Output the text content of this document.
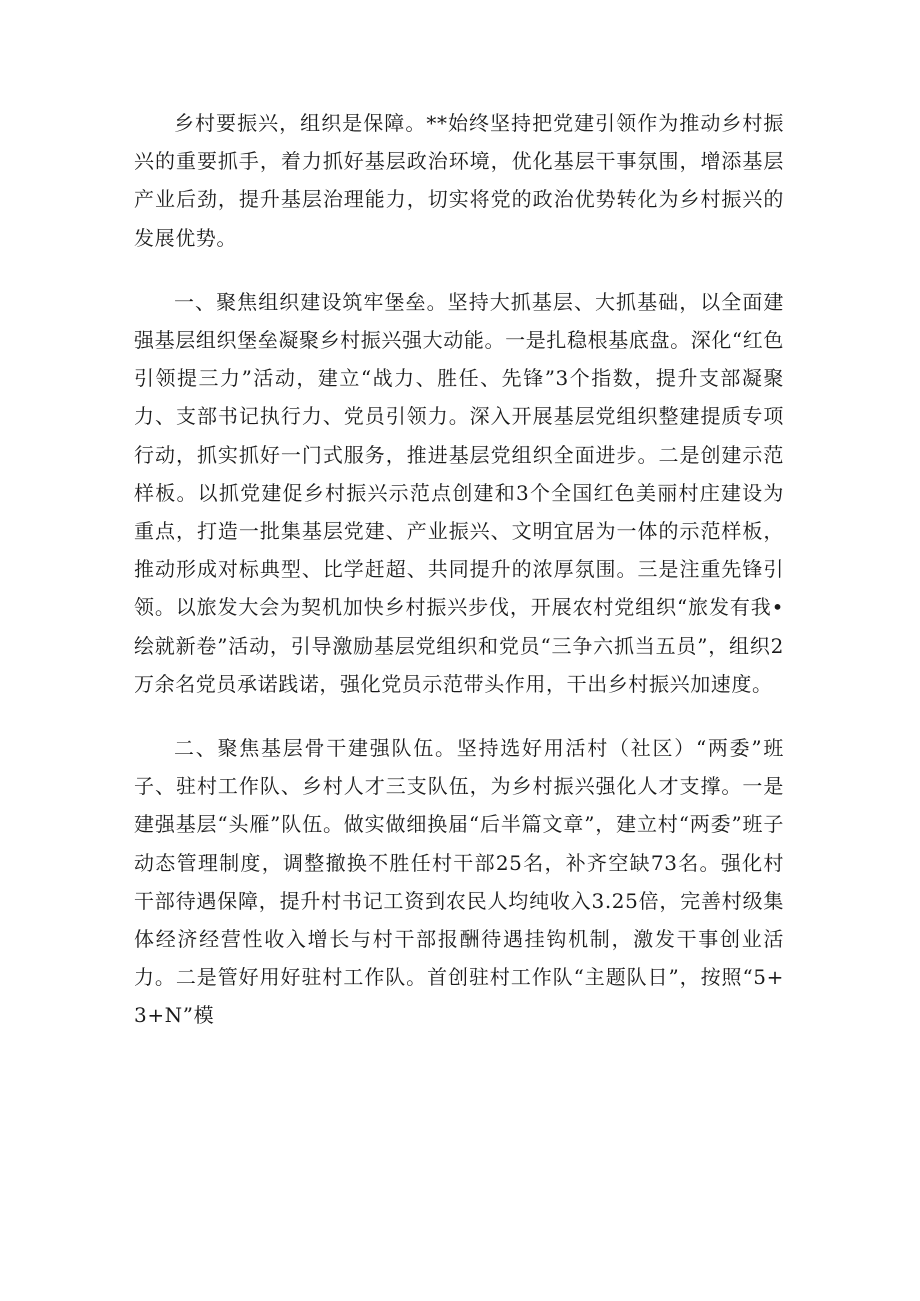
乡村要振兴，组织是保障。**始终坚持把党建引领作为推动乡村振兴的重要抓手，着力抓好基层政治环境，优化基层干事氛围，增添基层产业后劲，提升基层治理能力，切实将党的政治优势转化为乡村振兴的发展优势。

一、聚焦组织建设筑牢堡垒。坚持大抓基层、大抓基础，以全面建强基层组织堡垒凝聚乡村振兴强大动能。一是扎稳根基底盘。深化“红色引领提三力”活动，建立“战力、胜任、先锋”3个指数，提升支部凝聚力、支部书记执行力、党员引领力。深入开展基层党组织整建提质专项行动，抓实抓好一门式服务，推进基层党组织全面进步。二是创建示范样板。以抓党建促乡村振兴示范点创建和3个全国红色美丽村庄建设为重点，打造一批集基层党建、产业振兴、文明宜居为一体的示范样板，推动形成对标典型、比学赶超、共同提升的浓厚氛围。三是注重先锋引领。以旅发大会为契机加快乡村振兴步伐，开展农村党组织“旅发有我•绘就新卷”活动，引导激励基层党组织和党员“三争六抓当五员”，组织2万余名党员承诺践诺，强化党员示范带头作用，干出乡村振兴加速度。

二、聚焦基层骨干建强队伍。坚持选好用活村（社区）“两委”班子、驻村工作队、乡村人才三支队伍，为乡村振兴强化人才支撑。一是建强基层“头雁”队伍。做实做细换届“后半篇文章”，建立村“两委”班子动态管理制度，调整撤换不胜任村干部25名，补齐空缺73名。强化村干部待遇保障，提升村书记工资到农民人均纯收入3.25倍，完善村级集体经济经营性收入增长与村干部报酬待遇挂钩机制，激发干事创业活力。二是管好用好驻村工作队。首创驻村工作队“主题队日”，按照“5+3+N”模
